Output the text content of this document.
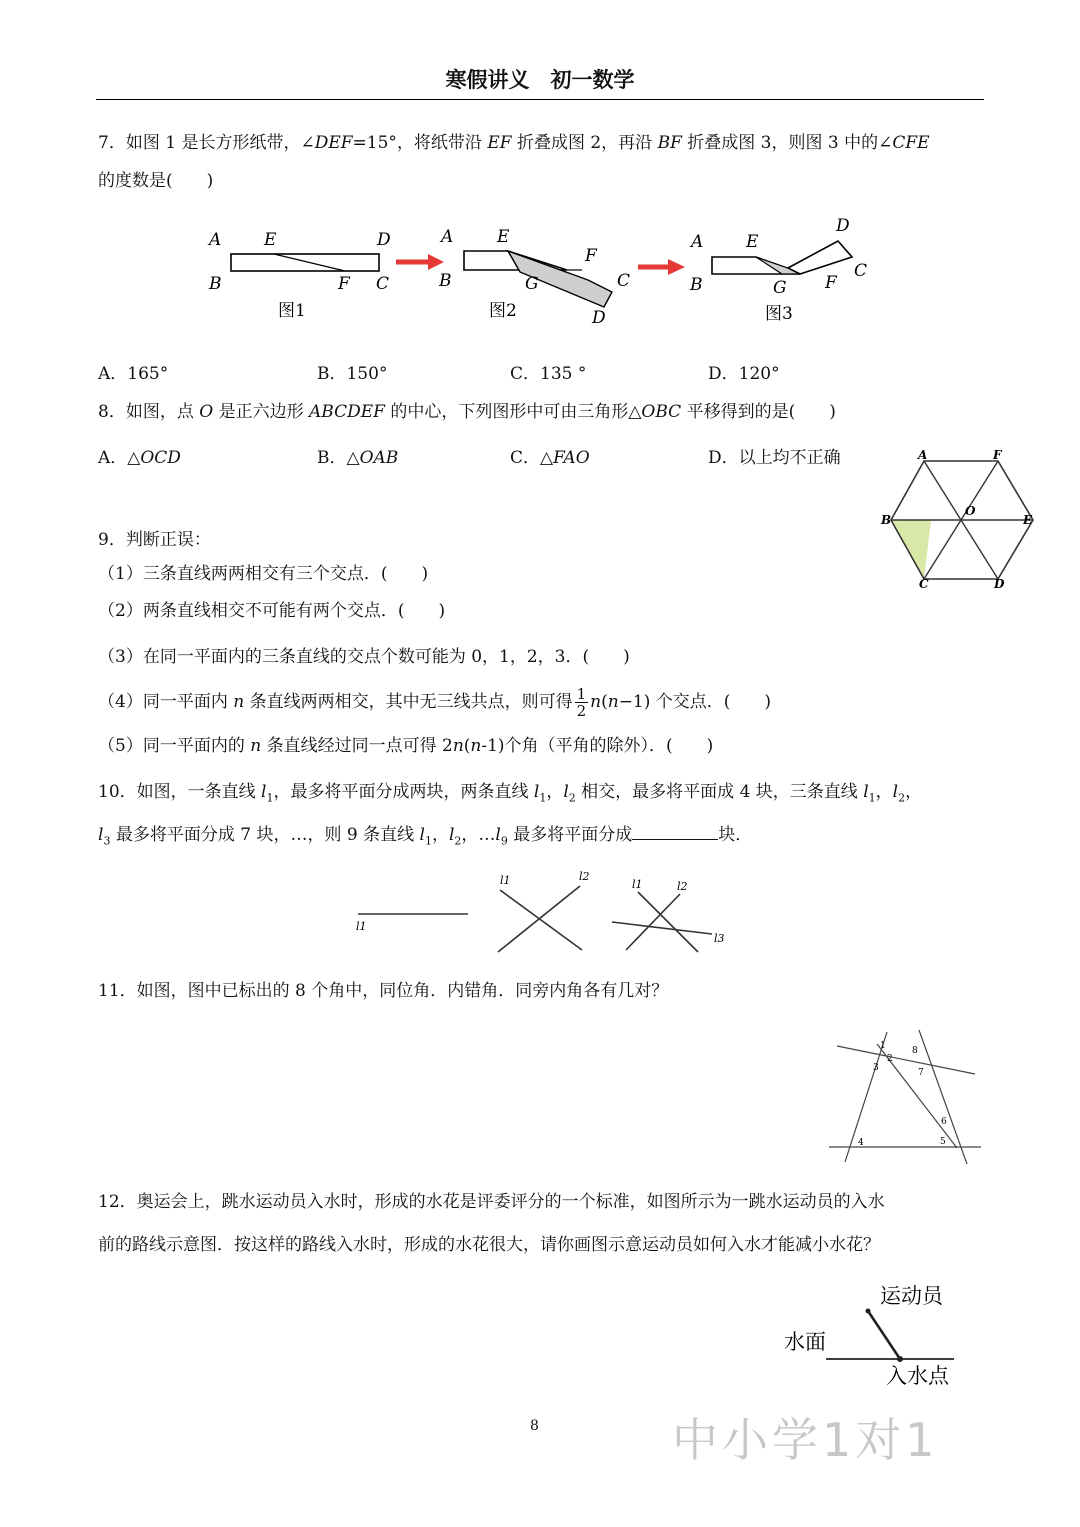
寒假讲义　初一数学
7．如图 1 是长方形纸带，∠DEF=15°，将纸带沿 EF 折叠成图 2，再沿 BF 折叠成图 3，则图 3 中的∠CFE
的度数是(　　)
A	E	D
B	F C
图1
A	E
F
B	G	C
D
图2
A	E
D
C
B	G F
图3
A．165°	B．150°	C．135 °	D．120°
8．如图，点 O 是正六边形 ABCDEF 的中心，下列图形中可由三角形△OBC 平移得到的是(　　)
A．△OCD	B．△OAB	C．△FAO	D．以上均不正确	A	F
B
O
E
C	D
9．判断正误：
（1）三条直线两两相交有三个交点．(　　)
（2）两条直线相交不可能有两个交点．(　　)
（3）在同一平面内的三条直线的交点个数可能为 0，1，2，3．(　　)
（4）同一平面内 n 条直线两两相交，其中无三线共点，则可得 $\frac{1}{2} n(n-1)$ 个交点．(　　)
（5）同一平面内的 n 条直线经过同一点可得 2n(n-1)个角（平角的除外）．(　　)
10．如图，一条直线 $l_1$，最多将平面分成两块，两条直线 $l_1$，$l_2$ 相交，最多将平面成 4 块，三条直线 $l_1$，$l_2$，
$l_3$ 最多将平面分成 7 块，…，则 9 条直线 $l_1$，$l_2$，$\dots l_9$ 最多将平面分成	块．
l1
l1	l2
l1	l2
l3
11．如图，图中已标出的 8 个角中，同位角．内错角．同旁内角各有几对？
1
2
3
8
7
6
4	5
12．奥运会上，跳水运动员入水时，形成的水花是评委评分的一个标准，如图所示为一跳水运动员的入水
前的路线示意图．按这样的路线入水时，形成的水花很大，请你画图示意运动员如何入水才能减小水花？
运动员
水面
入水点
8	中小学1对1
